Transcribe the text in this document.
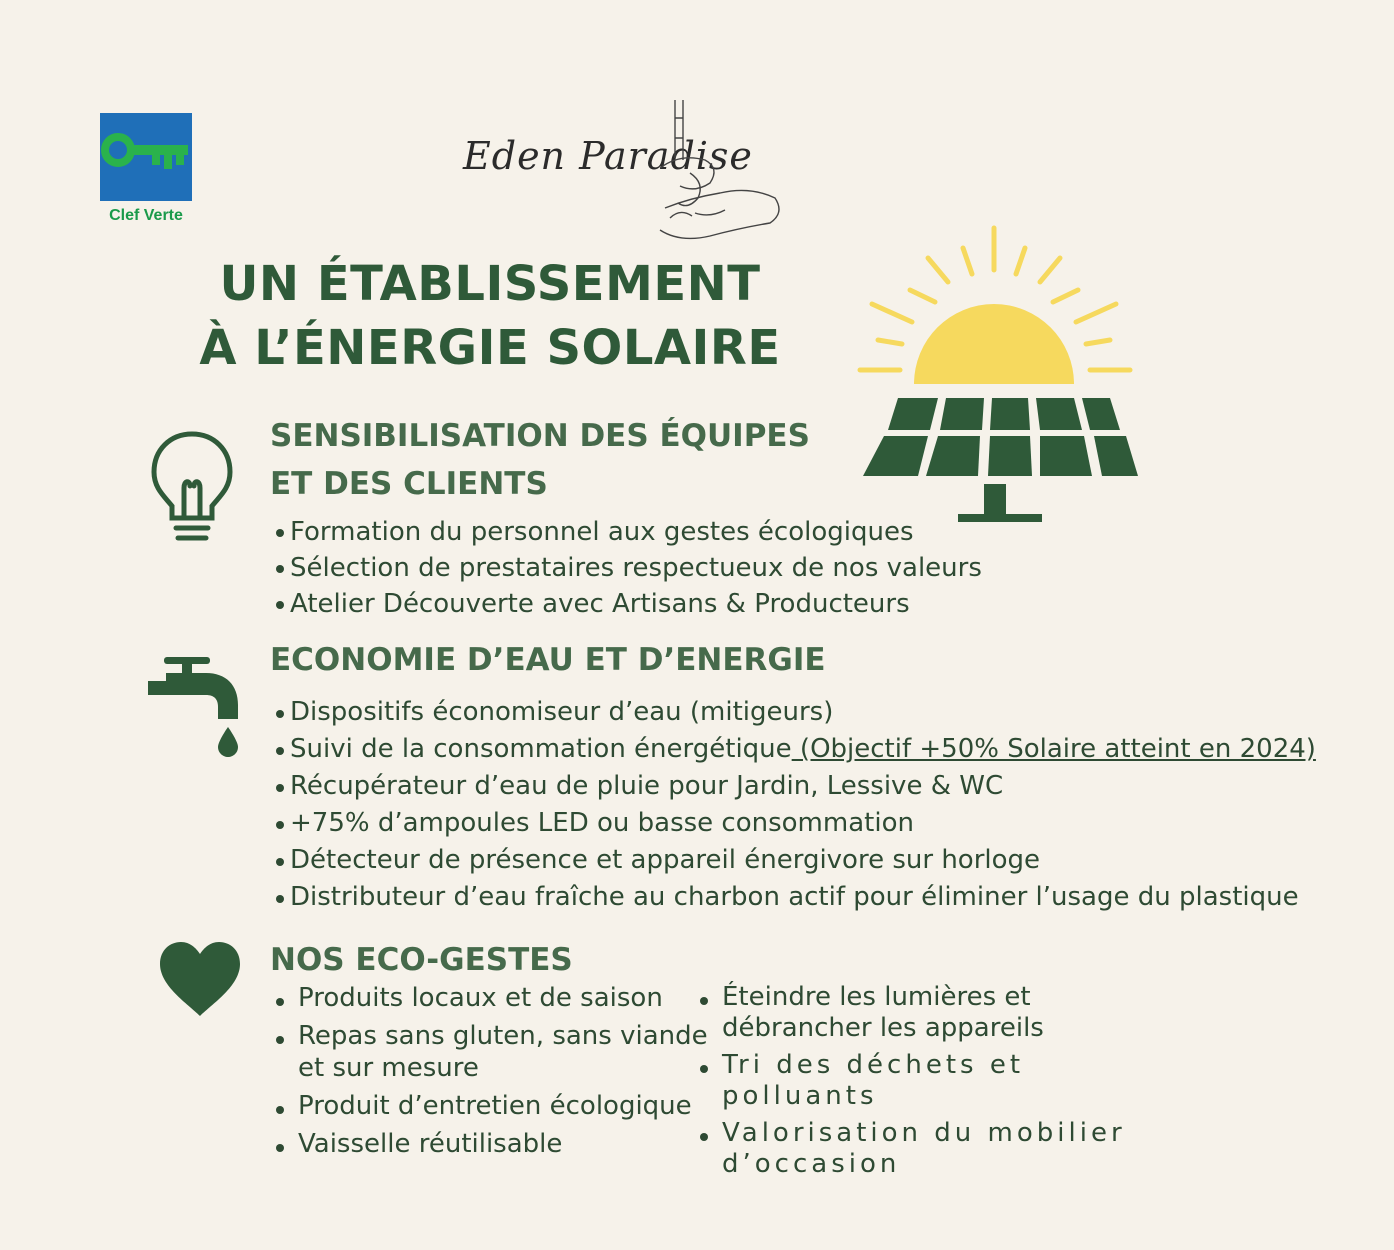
Clef Verte
Eden Paradise
UN ÉTABLISSEMENT
À L’ÉNERGIE SOLAIRE
SENSIBILISATION DES ÉQUIPES
ET DES CLIENTS
Formation du personnel aux gestes écologiques
Sélection de prestataires respectueux de nos valeurs
Atelier Découverte avec Artisans & Producteurs
ECONOMIE D’EAU ET D’ENERGIE
Dispositifs économiseur d’eau (mitigeurs)
Suivi de la consommation énergétique (Objectif +50% Solaire atteint en 2024)
Récupérateur d’eau de pluie pour Jardin, Lessive & WC
+75% d’ampoules LED ou basse consommation
Détecteur de présence et appareil énergivore sur horloge
Distributeur d’eau fraîche au charbon actif pour éliminer l’usage du plastique
NOS ECO-GESTES
Produits locaux et de saison
Repas sans gluten, sans viande et sur mesure
Produit d’entretien écologique
Vaisselle réutilisable
Éteindre les lumières et débrancher les appareils
Tri des déchets et polluants
Valorisation du mobilier d’occasion
